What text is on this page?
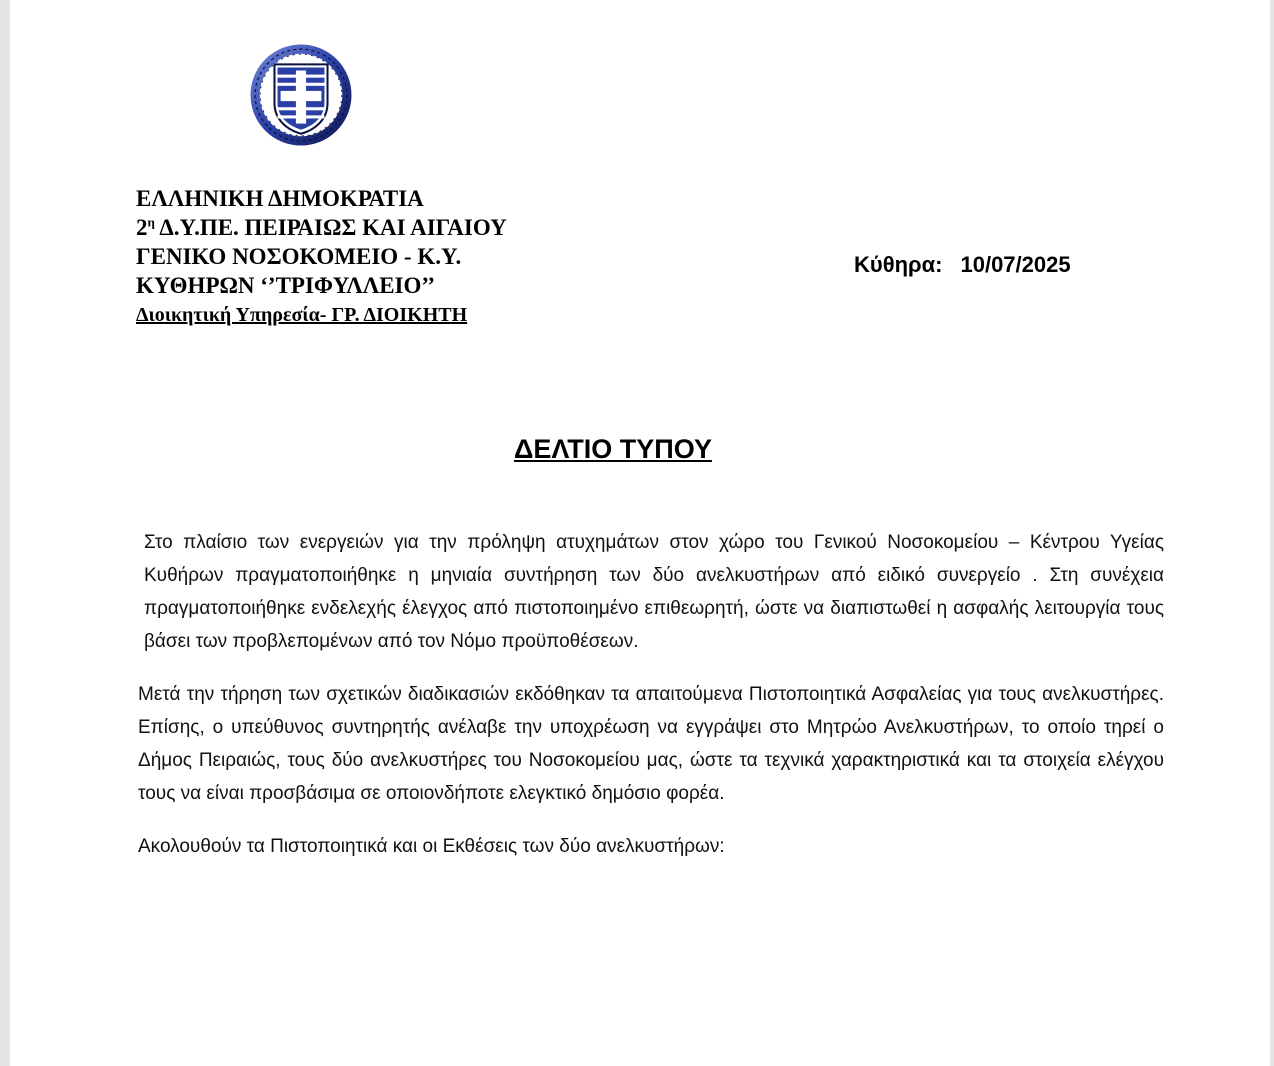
ΕΛΛΗΝΙΚΗ ΔΗΜΟΚΡΑΤΙΑ
$2^\eta$ Δ.Υ.ΠΕ. ΠΕΙΡΑΙΩΣ ΚΑΙ ΑΙΓΑΙΟΥ
ΓΕΝΙΚΟ ΝΟΣΟΚΟΜΕΙΟ - Κ.Υ.
ΚΥΘΗΡΩΝ ‘’ΤΡΙΦΥΛΛΕΙΟ’’
Διοικητική Υπηρεσία- ΓΡ. ΔΙΟΙΚΗΤΗ
Κύθηρα: 10/07/2025
ΔΕΛΤΙΟ ΤΥΠΟΥ

Στο πλαίσιο των ενεργειών για την πρόληψη ατυχημάτων στον χώρο του Γενικού Νοσοκομείου – Κέντρου Υγείας Κυθήρων πραγματοποιήθηκε η μηνιαία συντήρηση των δύο ανελκυστήρων από ειδικό συνεργείο . Στη συνέχεια πραγματοποιήθηκε ενδελεχής έλεγχος από πιστοποιημένο επιθεωρητή, ώστε να διαπιστωθεί η ασφαλής λειτουργία τους βάσει των προβλεπομένων από τον Νόμο προϋποθέσεων.

Μετά την τήρηση των σχετικών διαδικασιών εκδόθηκαν τα απαιτούμενα Πιστοποιητικά Ασφαλείας για τους ανελκυστήρες. Επίσης, ο υπεύθυνος συντηρητής ανέλαβε την υποχρέωση να εγγράψει στο Μητρώο Ανελκυστήρων, το οποίο τηρεί ο Δήμος Πειραιώς, τους δύο ανελκυστήρες του Νοσοκομείου μας, ώστε τα τεχνικά χαρακτηριστικά και τα στοιχεία ελέγχου τους να είναι προσβάσιμα σε οποιονδήποτε ελεγκτικό δημόσιο φορέα.

Ακολουθούν τα Πιστοποιητικά και οι Εκθέσεις των δύο ανελκυστήρων:
